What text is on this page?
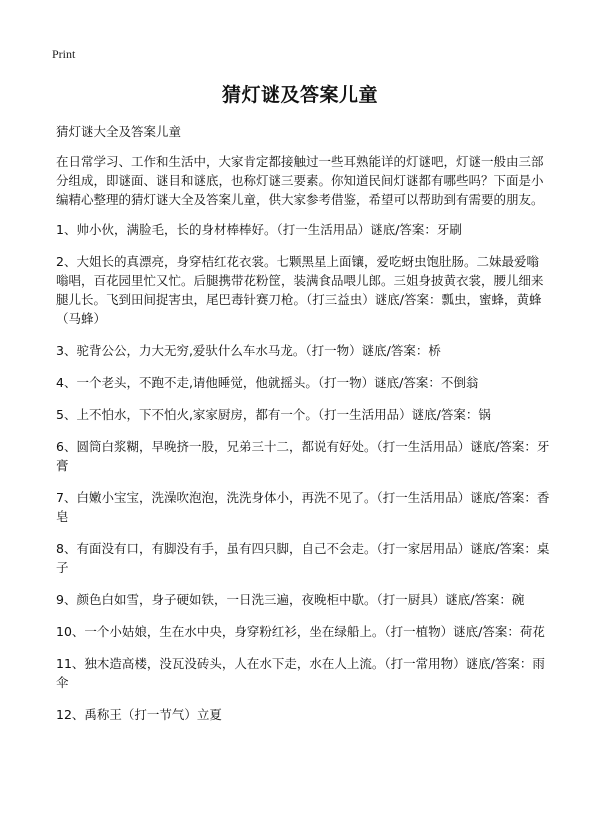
Print
猜灯谜及答案儿童

猜灯谜大全及答案儿童

在日常学习、工作和生活中，大家肯定都接触过一些耳熟能详的灯谜吧，灯谜一般由三部分组成，即谜面、谜目和谜底，也称灯谜三要素。你知道民间灯谜都有哪些吗？下面是小编精心整理的猜灯谜大全及答案儿童，供大家参考借鉴，希望可以帮助到有需要的朋友。

1、帅小伙，满脸毛，长的身材棒棒好。（打一生活用品）谜底/答案：牙刷
2、大姐长的真漂亮，身穿桔红花衣裳。七颗黑星上面镶，爱吃蚜虫饱肚肠。二妹最爱嗡嗡唱，百花园里忙又忙。后腿携带花粉筐，装满食品喂儿郎。三姐身披黄衣裳，腰儿细来腿儿长。飞到田间捉害虫，尾巴毒针赛刀枪。（打三益虫）谜底/答案：瓢虫，蜜蜂，黄蜂（马蜂）
3、驼背公公，力大无穷,爱驮什么车水马龙。（打一物）谜底/答案：桥
4、一个老头，不跑不走,请他睡觉，他就摇头。（打一物）谜底/答案：不倒翁
5、上不怕水，下不怕火,家家厨房，都有一个。（打一生活用品）谜底/答案：锅
6、圆筒白浆糊，早晚挤一股，兄弟三十二，都说有好处。（打一生活用品）谜底/答案：牙膏
7、白嫩小宝宝，洗澡吹泡泡，洗洗身体小，再洗不见了。（打一生活用品）谜底/答案：香皂
8、有面没有口，有脚没有手，虽有四只脚，自己不会走。（打一家居用品）谜底/答案：桌子
9、颜色白如雪，身子硬如铁，一日洗三遍，夜晚柜中歇。（打一厨具）谜底/答案：碗
10、一个小姑娘，生在水中央，身穿粉红衫，坐在绿船上。（打一植物）谜底/答案：荷花
11、独木造高楼，没瓦没砖头，人在水下走，水在人上流。（打一常用物）谜底/答案：雨伞
12、禹称王（打一节气）立夏
